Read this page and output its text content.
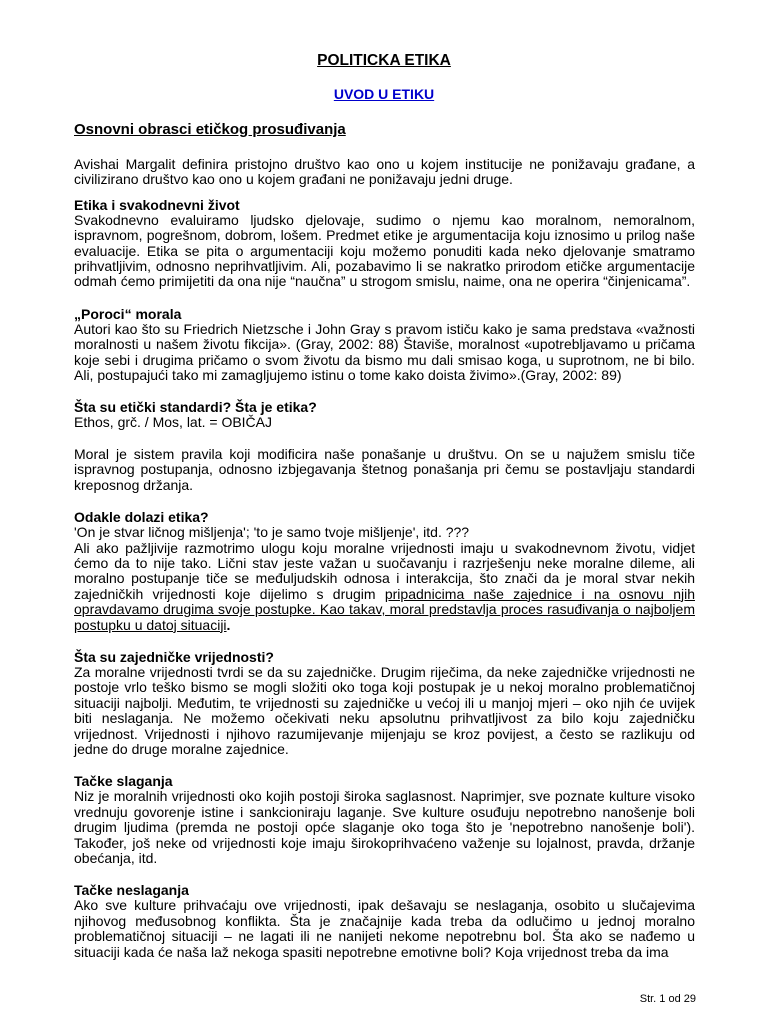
POLITICKA ETIKA
UVOD U ETIKU
Osnovni obrasci etičkog prosuđivanja

Avishai Margalit definira pristojno društvo kao ono u kojem institucije ne ponižavaju građane, a civilizirano društvo kao ono u kojem građani ne ponižavaju jedni druge.

Etika i svakodnevni život

Svakodnevno evaluiramo ljudsko djelovaje, sudimo o njemu kao moralnom, nemoralnom, ispravnom, pogrešnom, dobrom, lošem. Predmet etike je argumentacija koju iznosimo u prilog naše evaluacije. Etika se pita o argumentaciji koju možemo ponuditi kada neko djelovanje smatramo prihvatljivim, odnosno neprihvatljivim. Ali, pozabavimo li se nakratko prirodom etičke argumentacije odmah ćemo primijetiti da ona nije “naučna” u strogom smislu, naime, ona ne operira “činjenicama”.

„Poroci“ morala

Autori kao što su Friedrich Nietzsche i John Gray s pravom ističu kako je sama predstava «važnosti moralnosti u našem životu fikcija». (Gray, 2002: 88) Štaviše, moralnost «upotrebljavamo u pričama koje sebi i drugima pričamo o svom životu da bismo mu dali smisao koga, u suprotnom, ne bi bilo. Ali, postupajući tako mi zamagljujemo istinu o tome kako doista živimo».(Gray, 2002: 89)

Šta su etički standardi? Šta je etika?

Ethos, grč. / Mos, lat. = OBIČAJ

Moral je sistem pravila koji modificira naše ponašanje u društvu. On se u najužem smislu tiče ispravnog postupanja, odnosno izbjegavanja štetnog ponašanja pri čemu se postavljaju standardi kreposnog držanja.

Odakle dolazi etika?

'On je stvar ličnog mišljenja'; 'to je samo tvoje mišljenje', itd. ???

Ali ako pažljivije razmotrimo ulogu koju moralne vrijednosti imaju u svakodnevnom životu, vidjet ćemo da to nije tako. Lični stav jeste važan u suočavanju i razrješenju neke moralne dileme, ali moralno postupanje tiče se međuljudskih odnosa i interakcija, što znači da je moral stvar nekih zajedničkih vrijednosti koje dijelimo s drugim pripadnicima naše zajednice i na osnovu njih opravdavamo drugima svoje postupke. Kao takav, moral predstavlja proces rasuđivanja o najboljem postupku u datoj situaciji.

Šta su zajedničke vrijednosti?

Za moralne vrijednosti tvrdi se da su zajedničke. Drugim riječima, da neke zajedničke vrijednosti ne postoje vrlo teško bismo se mogli složiti oko toga koji postupak je u nekoj moralno problematičnoj situaciji najbolji. Međutim, te vrijednosti su zajedničke u većoj ili u manjoj mjeri – oko njih će uvijek biti neslaganja. Ne možemo očekivati neku apsolutnu prihvatljivost za bilo koju zajedničku vrijednost. Vrijednosti i njihovo razumijevanje mijenjaju se kroz povijest, a često se razlikuju od jedne do druge moralne zajednice.

Tačke slaganja

Niz je moralnih vrijednosti oko kojih postoji široka saglasnost. Naprimjer, sve poznate kulture visoko vrednuju govorenje istine i sankcioniraju laganje. Sve kulture osuđuju nepotrebno nanošenje boli drugim ljudima (premda ne postoji opće slaganje oko toga što je 'nepotrebno nanošenje boli'). Također, još neke od vrijednosti koje imaju širokoprihvaćeno važenje su lojalnost, pravda, držanje obećanja, itd.

Tačke neslaganja

Ako sve kulture prihvaćaju ove vrijednosti, ipak dešavaju se neslaganja, osobito u slučajevima njihovog međusobnog konflikta. Šta je značajnije kada treba da odlučimo u jednoj moralno problematičnoj situaciji – ne lagati ili ne nanijeti nekome nepotrebnu bol. Šta ako se nađemo u situaciji kada će naša laž nekoga spasiti nepotrebne emotivne boli? Koja vrijednost treba da ima

Str. 1 od 29
